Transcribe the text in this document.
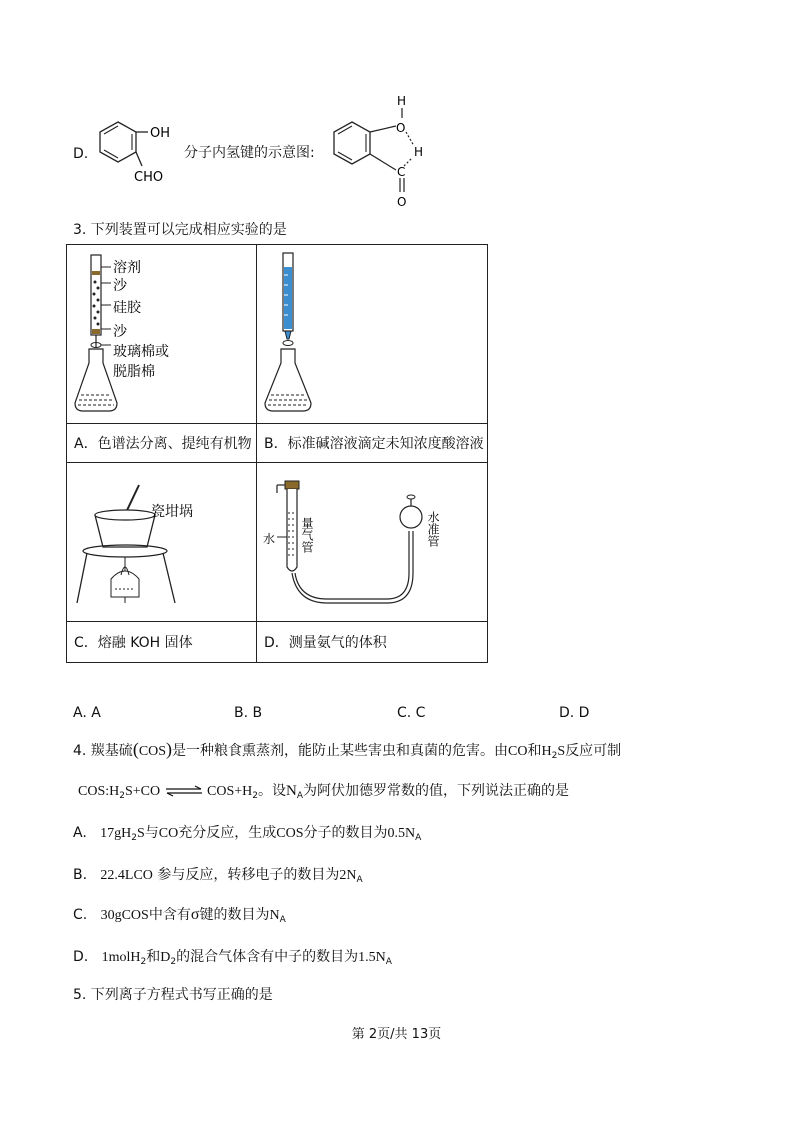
D.
OH
CHO
分子内氢键的示意图:
H
O
H
C
O
3. 下列装置可以完成相应实验的是
溶剂
沙
硅胶
沙
玻璃棉或
脱脂棉
A．色谱法分离、提纯有机物 B．标准碱溶液滴定未知浓度酸溶液
瓷坩埚
水 量气管	水准管
C．熔融 KOH 固体	D．测量氨气的体积
A. A	B. B	C. C	D. D
4. 羰基硫(COS)是一种粮食熏蒸剂，能防止某些害虫和真菌的危害。由CO和$H_2S$反应可制
$COS:H_2S+CO$ ⇌ $COS+H_2$。设$N_A$为阿伏加德罗常数的值，下列说法正确的是
A. $17gH_2S$与CO充分反应，生成COS分子的数目为$0.5N_A$
B. 22.4LCO 参与反应，转移电子的数目为$2N_A$
C. 30gCOS中含有σ键的数目为$N_A$
D. 1molH$_2$和$D_2$的混合气体含有中子的数目为$1.5N_A$
5. 下列离子方程式书写正确的是
第 2页/共 13页
